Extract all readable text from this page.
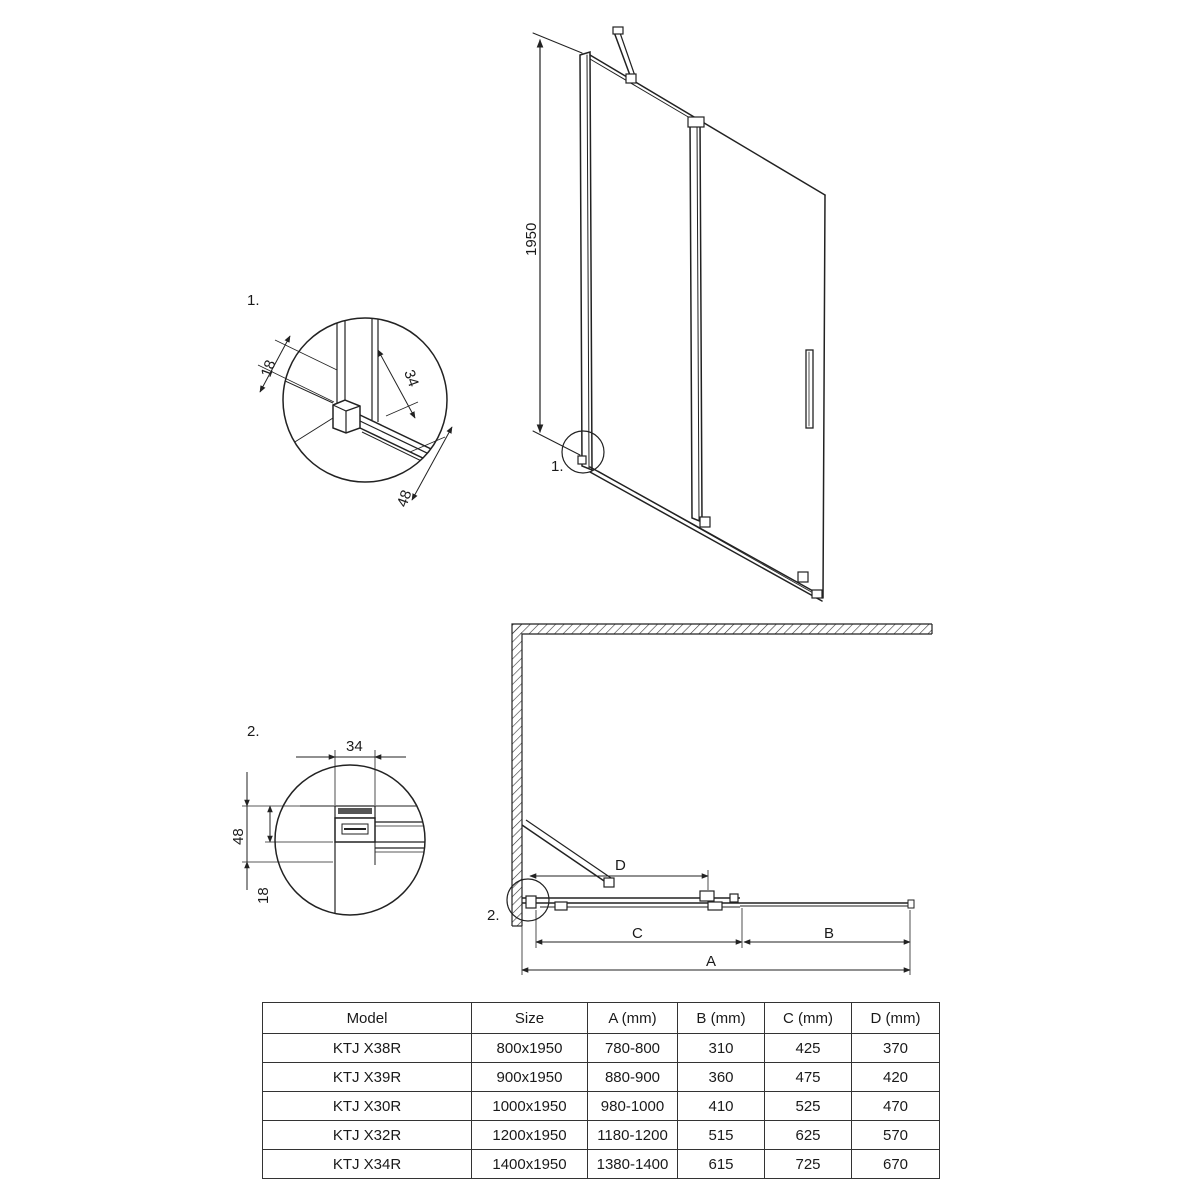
1950
1.
1.
18	34
48
2.
34
48
18
D
C	B
A
2.
Model	Size	A (mm)	B (mm)	C (mm)	D (mm)
KTJ X38R	800x1950	780-800	310	425	370
KTJ X39R	900x1950	880-900	360	475	420
KTJ X30R	1000x1950	980-1000	410	525	470
KTJ X32R	1200x1950	1180-1200	515	625	570
KTJ X34R	1400x1950	1380-1400	615	725	670
